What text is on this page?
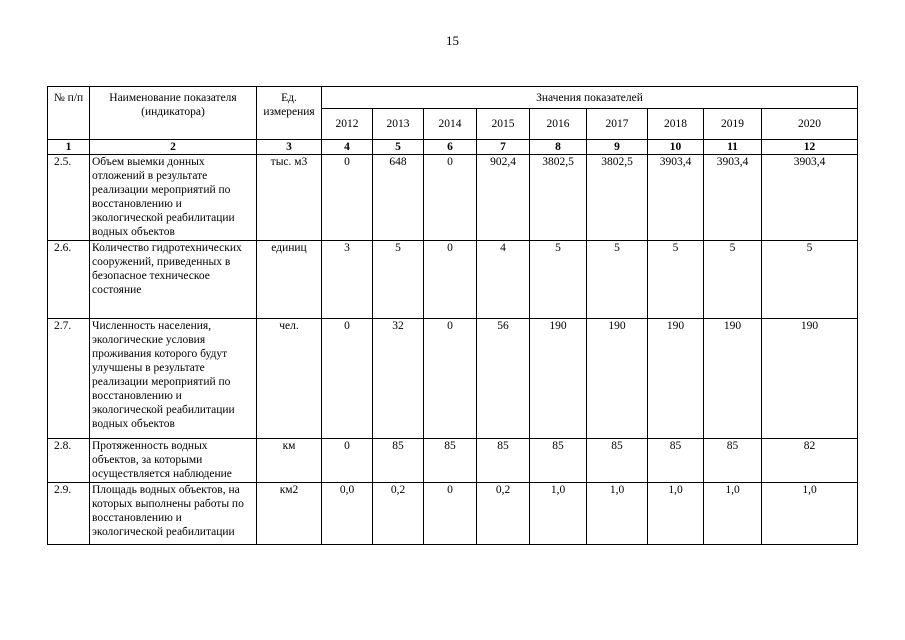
15
№ п/п	Наименование показателя (индикатора)	Ед. измерения	Значения показателей								
			2012	2013	2014	2015	2016	2017	2018	2019	2020
1	2	3	4	5	6	7	8	9	10	11	12
2.5.	Объем выемки донных отложений в результате реализации мероприятий по восстановлению и экологической реабилитации водных объектов	тыс. м3	0	648	0	902,4	3802,5	3802,5	3903,4	3903,4	3903,4
2.6.	Количество гидротехнических сооружений, приведенных в безопасное техническое состояние	единиц	3	5	0	4	5	5	5	5	5
2.7.	Численность населения, экологические условия проживания которого будут улучшены в результате реализации мероприятий по восстановлению и экологической реабилитации водных объектов	чел.	0	32	0	56	190	190	190	190	190
2.8.	Протяженность водных объектов, за которыми осуществляется наблюдение	км	0	85	85	85	85	85	85	85	82
2.9.	Площадь водных объектов, на которых выполнены работы по восстановлению и экологической реабилитации	км2	0,0	0,2	0	0,2	1,0	1,0	1,0	1,0	1,0
